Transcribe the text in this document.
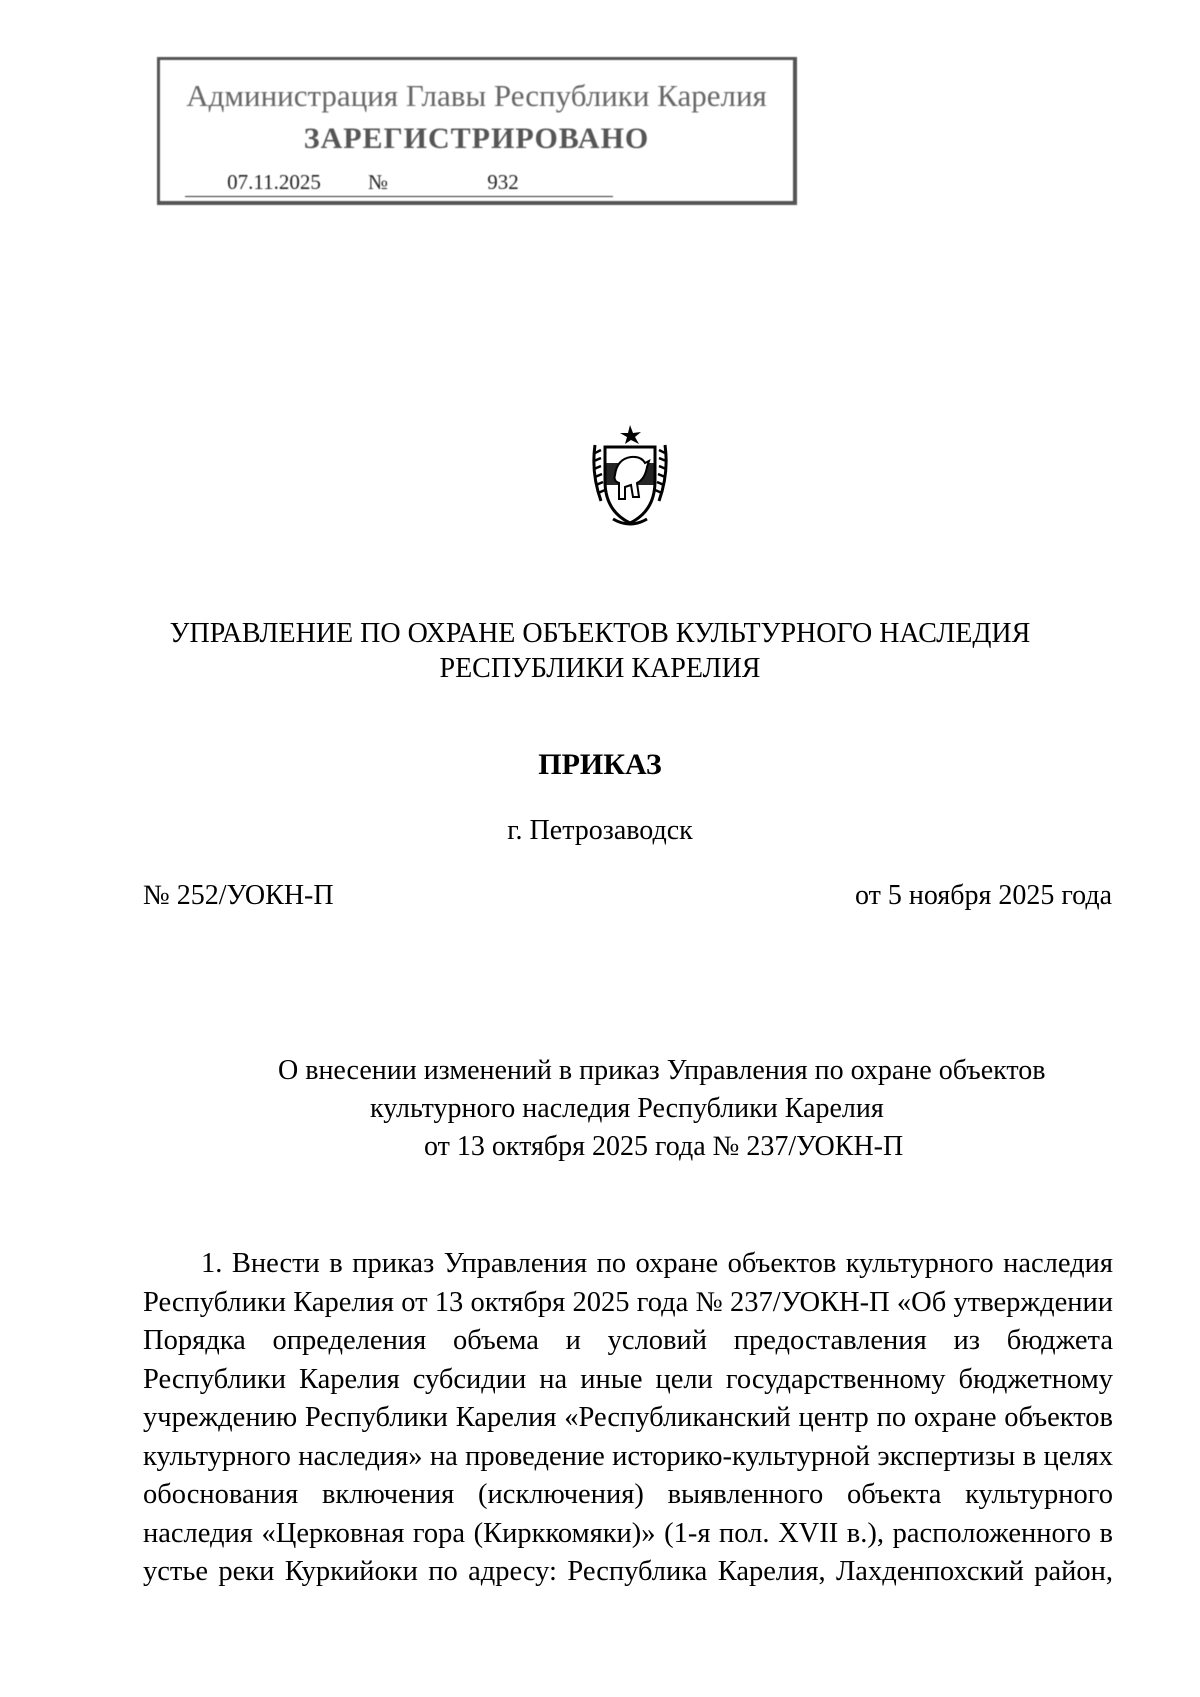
Администрация Главы Республики Карелия
ЗАРЕГИСТРИРОВАНО
07.11.2025	№	932
УПРАВЛЕНИЕ ПО ОХРАНЕ ОБЪЕКТОВ КУЛЬТУРНОГО НАСЛЕДИЯ
РЕСПУБЛИКИ КАРЕЛИЯ
ПРИКАЗ
г. Петрозаводск
№ 252/УОКН-П	от 5 ноября 2025 года
О внесении изменений в приказ Управления по охране объектов
культурного наследия Республики Карелия
от 13 октября 2025 года № 237/УОКН-П
1. Внести в приказ Управления по охране объектов культурного наследия
Республики Карелия от 13 октября 2025 года № 237/УОКН-П «Об утверждении
Порядка определения объема и условий предоставления из бюджета
Республики Карелия субсидии на иные цели государственному бюджетному
учреждению Республики Карелия «Республиканский центр по охране объектов
культурного наследия» на проведение историко-культурной экспертизы в целях
обоснования включения (исключения) выявленного объекта культурного
наследия «Церковная гора (Кирккомяки)» (1-я пол. XVII в.), расположенного в
устье реки Куркийоки по адресу: Республика Карелия, Лахденпохский район,
